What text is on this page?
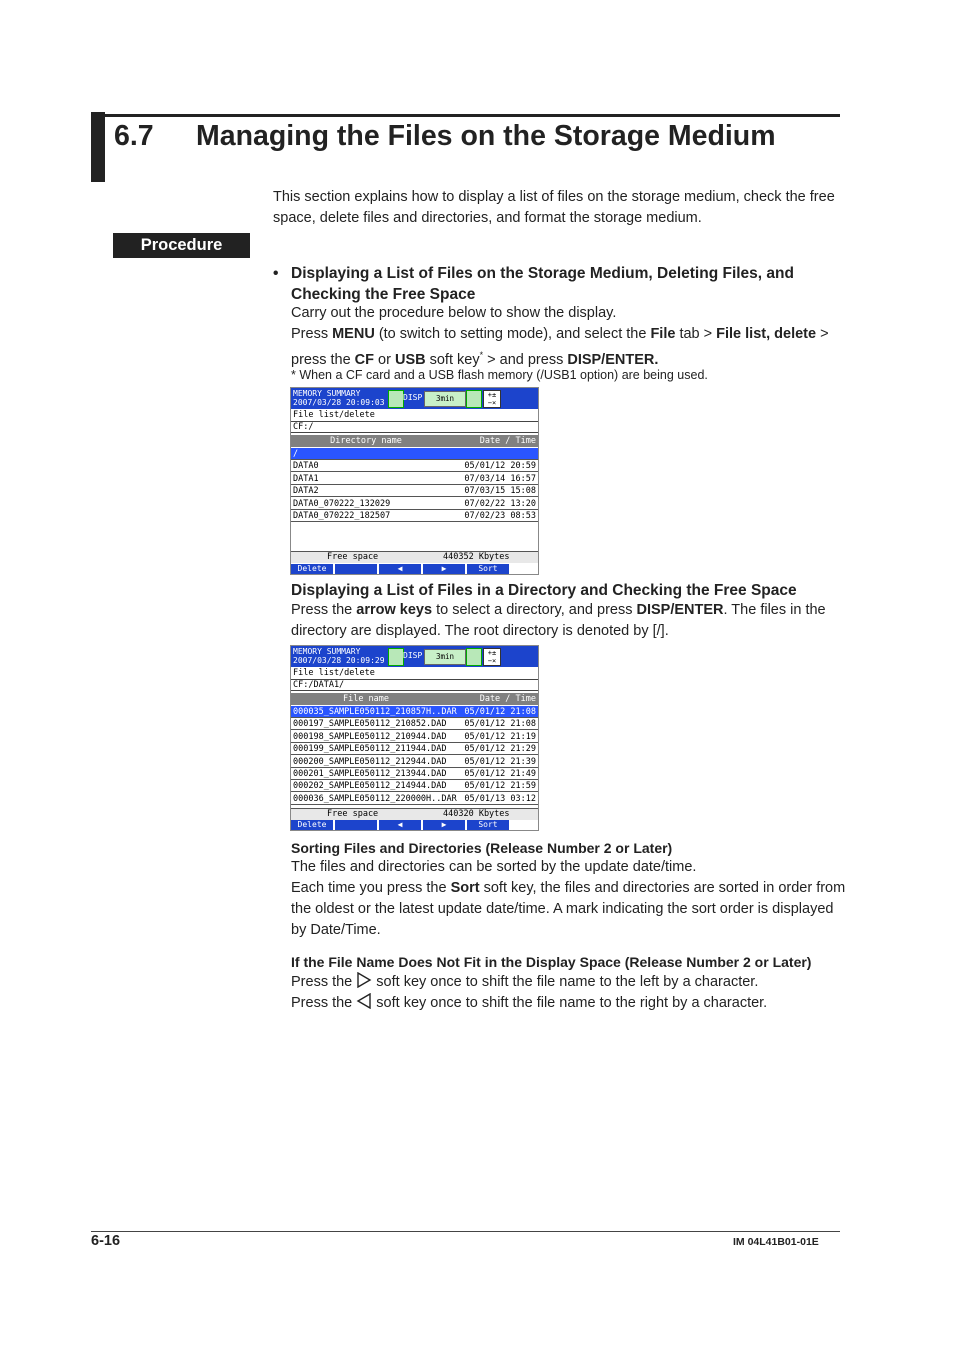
6.7 Managing the Files on the Storage Medium
This section explains how to display a list of files on the storage medium, check the free
space, delete files and directories, and format the storage medium.
Procedure
• Displaying a List of Files on the Storage Medium, Deleting Files, and
Checking the Free Space
Carry out the procedure below to show the display.
Press MENU (to switch to setting mode), and select the File tab > File list, delete >
press the CF or USB soft key* > and press DISP/ENTER.
* When a CF card and a USB flash memory (/USB1 option) are being used.
MEMORY SUMMARY
2007/03/28 20:09:03
DISP	3min	+±−×
File list/delete
CF:/
Directory name	Date / Time
/
DATA0	05/01/12 20:59
DATA1	07/03/14 16:57
DATA2	07/03/15 15:08
DATA0_070222_132029	07/02/22 13:20
DATA0_070222_182507	07/02/23 08:53
Free space	440352 Kbytes
Delete	◀	▶	Sort
Displaying a List of Files in a Directory and Checking the Free Space
Press the arrow keys to select a directory, and press DISP/ENTER. The files in the
directory are displayed. The root directory is denoted by [/].
MEMORY SUMMARY
2007/03/28 20:09:29
DISP	3min	+±−×
File list/delete
CF:/DATA1/
File name	Date / Time
000035_SAMPLE050112_210857H..DAR 05/01/12 21:08
000197_SAMPLE050112_210852.DAD 05/01/12 21:08
000198_SAMPLE050112_210944.DAD 05/01/12 21:19
000199_SAMPLE050112_211944.DAD 05/01/12 21:29
000200_SAMPLE050112_212944.DAD 05/01/12 21:39
000201_SAMPLE050112_213944.DAD 05/01/12 21:49
000202_SAMPLE050112_214944.DAD 05/01/12 21:59
000036_SAMPLE050112_220000H..DAR 05/01/13 03:12
Free space	440320 Kbytes
Delete	◀	▶	Sort
Sorting Files and Directories (Release Number 2 or Later)
The files and directories can be sorted by the update date/time.
Each time you press the Sort soft key, the files and directories are sorted in order from
the oldest or the latest update date/time. A mark indicating the sort order is displayed
by Date/Time.
If the File Name Does Not Fit in the Display Space (Release Number 2 or Later)
Press the  soft key once to shift the file name to the left by a character.
Press the  soft key once to shift the file name to the right by a character.
6-16	IM 04L41B01-01E
